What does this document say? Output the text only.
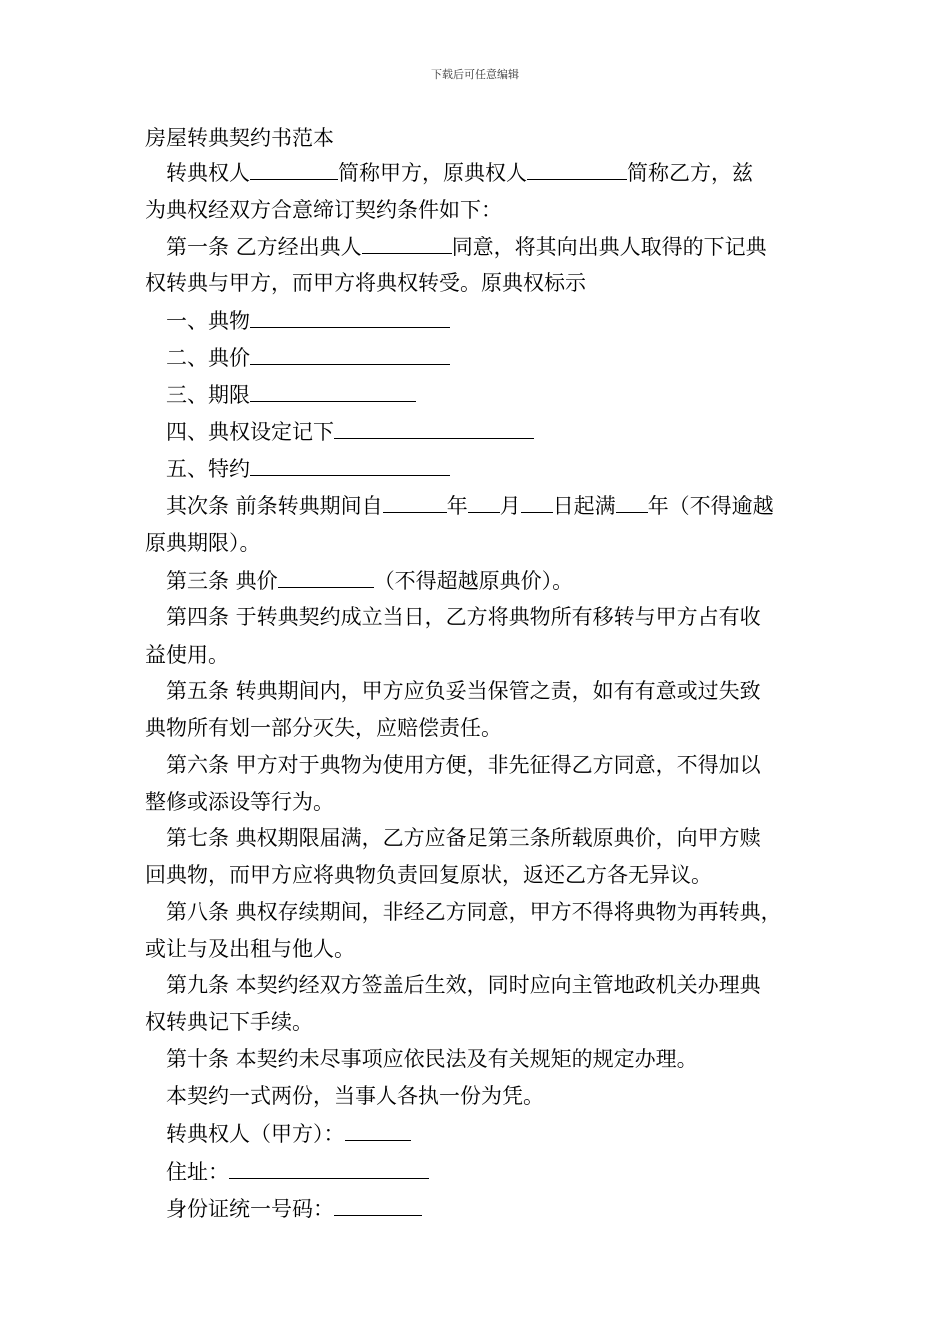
下载后可任意编辑
房屋转典契约书范本
转典权人	简称甲方，原典权人	简称乙方，兹
为典权经双方合意缔订契约条件如下：
第一条 乙方经出典人	同意，将其向出典人取得的下记典
权转典与甲方，而甲方将典权转受。原典权标示
一、典物
二、典价
三、期限
四、典权设定记下
五、特约
其次条 前条转典期间自	年 月 日起满 年（不得逾越
原典期限）。
第三条 典价	（不得超越原典价）。
第四条 于转典契约成立当日，乙方将典物所有移转与甲方占有收
益使用。
第五条 转典期间内，甲方应负妥当保管之责，如有有意或过失致
典物所有划一部分灭失，应赔偿责任。
第六条 甲方对于典物为使用方便，非先征得乙方同意，不得加以
整修或添设等行为。
第七条 典权期限届满，乙方应备足第三条所载原典价，向甲方赎
回典物，而甲方应将典物负责回复原状，返还乙方各无异议。
第八条 典权存续期间，非经乙方同意，甲方不得将典物为再转典，
或让与及出租与他人。
第九条 本契约经双方签盖后生效，同时应向主管地政机关办理典
权转典记下手续。
第十条 本契约未尽事项应依民法及有关规矩的规定办理。
本契约一式两份，当事人各执一份为凭。
转典权人（甲方）：
住址：
身份证统一号码：
